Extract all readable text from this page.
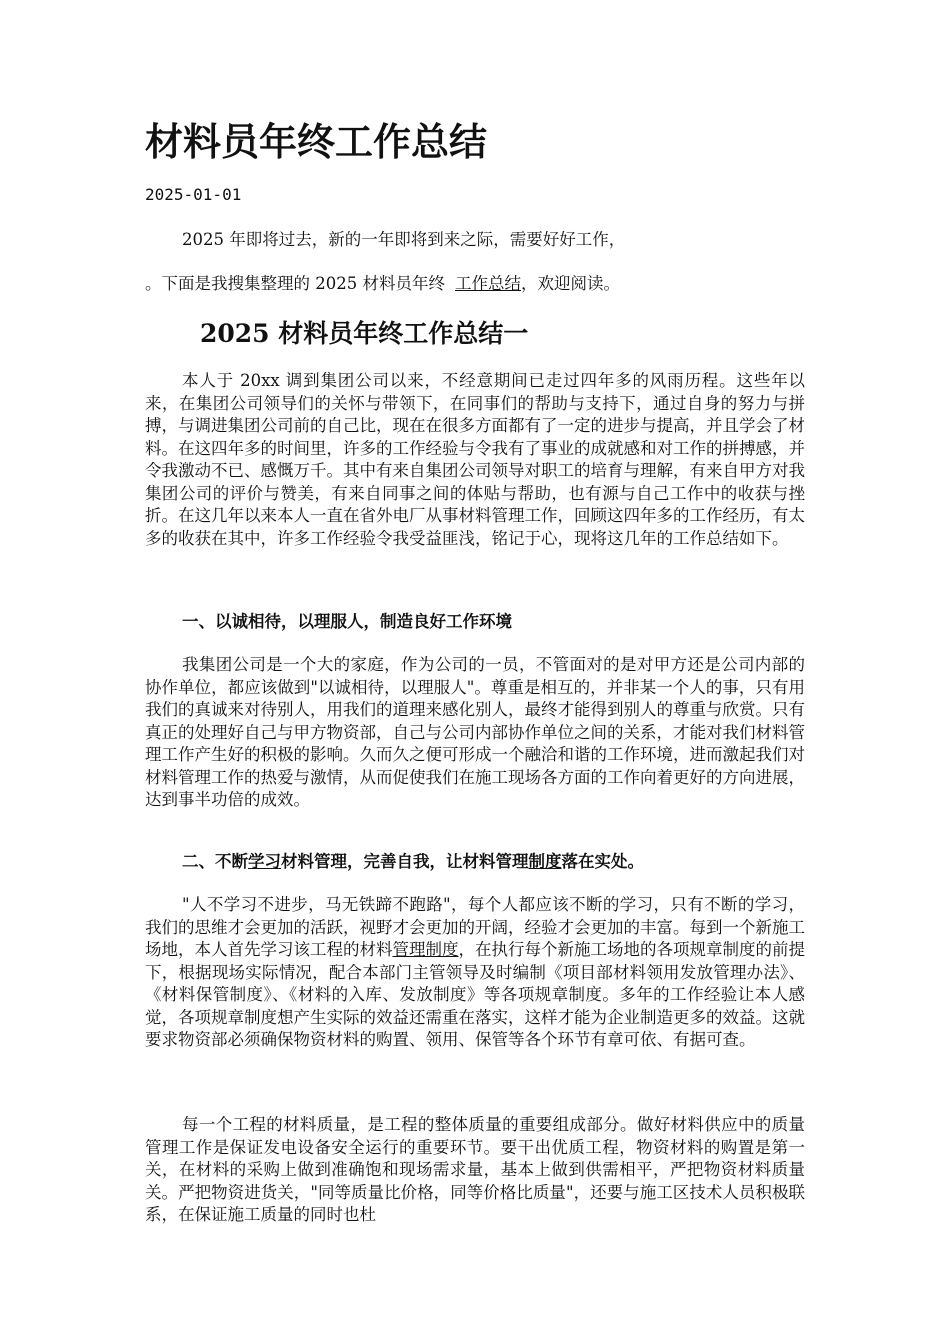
材料员年终工作总结

2025-01-01

2025 年即将过去，新的一年即将到来之际，需要好好工作，

。下面是我搜集整理的 2025 材料员年终 工作总结，欢迎阅读。

2025 材料员年终工作总结一

本人于 20xx 调到集团公司以来，不经意期间已走过四年多的风雨历程。这些年以来，在集团公司领导们的关怀与带领下，在同事们的帮助与支持下，通过自身的努力与拼搏，与调进集团公司前的自己比，现在在很多方面都有了一定的进步与提高，并且学会了材料。在这四年多的时间里，许多的工作经验与令我有了事业的成就感和对工作的拼搏感，并令我激动不已、感慨万千。其中有来自集团公司领导对职工的培育与理解，有来自甲方对我集团公司的评价与赞美，有来自同事之间的体贴与帮助，也有源与自己工作中的收获与挫折。在这几年以来本人一直在省外电厂从事材料管理工作，回顾这四年多的工作经历，有太多的收获在其中，许多工作经验令我受益匪浅，铭记于心，现将这几年的工作总结如下。

一、以诚相待，以理服人，制造良好工作环境

我集团公司是一个大的家庭，作为公司的一员，不管面对的是对甲方还是公司内部的协作单位，都应该做到"以诚相待，以理服人"。尊重是相互的，并非某一个人的事，只有用我们的真诚来对待别人，用我们的道理来感化别人，最终才能得到别人的尊重与欣赏。只有真正的处理好自己与甲方物资部，自己与公司内部协作单位之间的关系，才能对我们材料管理工作产生好的积极的影响。久而久之便可形成一个融洽和谐的工作环境，进而激起我们对材料管理工作的热爱与激情，从而促使我们在施工现场各方面的工作向着更好的方向进展，达到事半功倍的成效。

二、不断学习材料管理，完善自我，让材料管理制度落在实处。

"人不学习不进步，马无铁蹄不跑路"，每个人都应该不断的学习，只有不断的学习，我们的思维才会更加的活跃，视野才会更加的开阔，经验才会更加的丰富。每到一个新施工场地，本人首先学习该工程的材料管理制度，在执行每个新施工场地的各项规章制度的前提下，根据现场实际情况，配合本部门主管领导及时编制《项目部材料领用发放管理办法》、《材料保管制度》、《材料的入库、发放制度》等各项规章制度。多年的工作经验让本人感觉，各项规章制度想产生实际的效益还需重在落实，这样才能为企业制造更多的效益。这就要求物资部必须确保物资材料的购置、领用、保管等各个环节有章可依、有据可查。

每一个工程的材料质量，是工程的整体质量的重要组成部分。做好材料供应中的质量管理工作是保证发电设备安全运行的重要环节。要干出优质工程，物资材料的购置是第一关，在材料的采购上做到准确饱和现场需求量，基本上做到供需相平，严把物资材料质量关。严把物资进货关，"同等质量比价格，同等价格比质量"，还要与施工区技术人员积极联系，在保证施工质量的同时也杜
